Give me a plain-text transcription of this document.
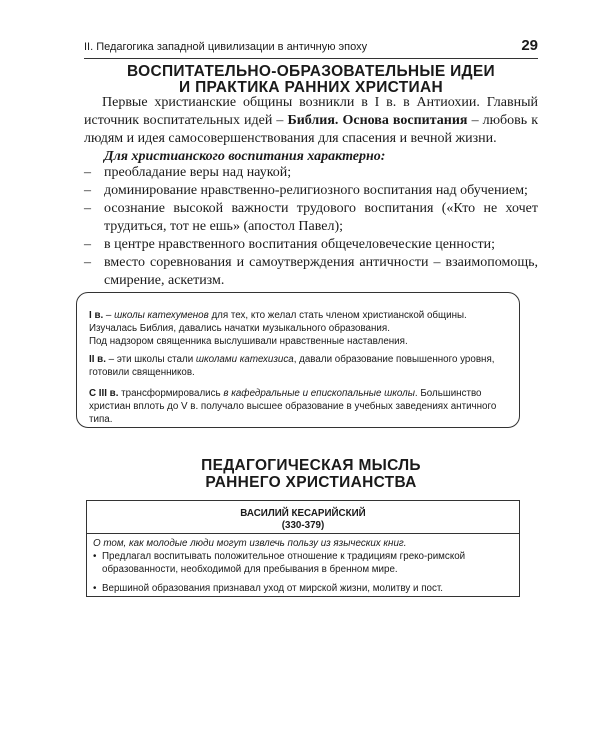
II. Педагогика западной цивилизации в античную эпоху	29
ВОСПИТАТЕЛЬНО-ОБРАЗОВАТЕЛЬНЫЕ ИДЕИ
И ПРАКТИКА РАННИХ ХРИСТИАН
Первые христианские общины возникли в I в. в Антиохии. Главный источник воспитательных идей – Библия. Основа воспитания – любовь к людям и идея самосовершенствования для спасения и вечной жизни.
Для христианского воспитания характерно:
– преобладание веры над наукой;
– доминирование нравственно-религиозного воспитания над обучением;
– осознание высокой важности трудового воспитания («Кто не хочет трудиться, тот не ешь» (апостол Павел);
– в центре нравственного воспитания общечеловеческие ценности;
– вместо соревнования и самоутверждения античности – взаимопомощь, смирение, аскетизм.

I в. – школы катехуменов для тех, кто желал стать членом христианской общины. Изучалась Библия, давались начатки музыкального образования.
Под надзором священника выслушивали нравственные наставления.

II в. – эти школы стали школами катехизиса, давали образование повышенного уровня, готовили священников.

C III в. трансформировались в кафедральные и епископальные школы. Большинство христиан вплоть до V в. получало высшее образование в учебных заведениях античного типа.

ПЕДАГОГИЧЕСКАЯ МЫСЛЬ
РАННЕГО ХРИСТИАНСТВА
ВАСИЛИЙ КЕСАРИЙСКИЙ
(330-379)
О том, как молодые люди могут извлечь пользу из языческих книг.
• Предлагал воспитывать положительное отношение к традициям греко-римской образованности, необходимой для пребывания в бренном мире.
• Вершиной образования признавал уход от мирской жизни, молитву и пост.
